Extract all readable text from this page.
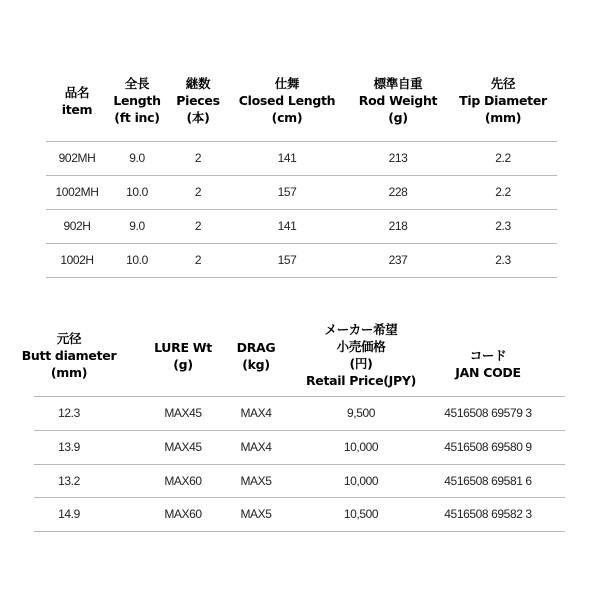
品名
item
全長
Length
(ft inc)
継数
Pieces
(本)
仕舞
Closed Length
(cm)
標準自重
Rod Weight
(g)
先径
Tip Diameter
(mm)
902MH	9.0	2	141	213	2.2
1002MH 10.0	2	157	228	2.2
902H	9.0	2	141	218	2.3
1002H	10.0	2	157	237	2.3
元径
Butt diameter
(mm)
LURE Wt
(g)
DRAG
(kg)
メーカー希望
小売価格
(円)
Retail Price(JPY)
コード
JAN CODE
12.3	MAX45	MAX4	9,500	4516508 69579 3
13.9	MAX45	MAX4	10,000	4516508 69580 9
13.2	MAX60	MAX5	10,000	4516508 69581 6
14.9	MAX60	MAX5	10,500	4516508 69582 3
